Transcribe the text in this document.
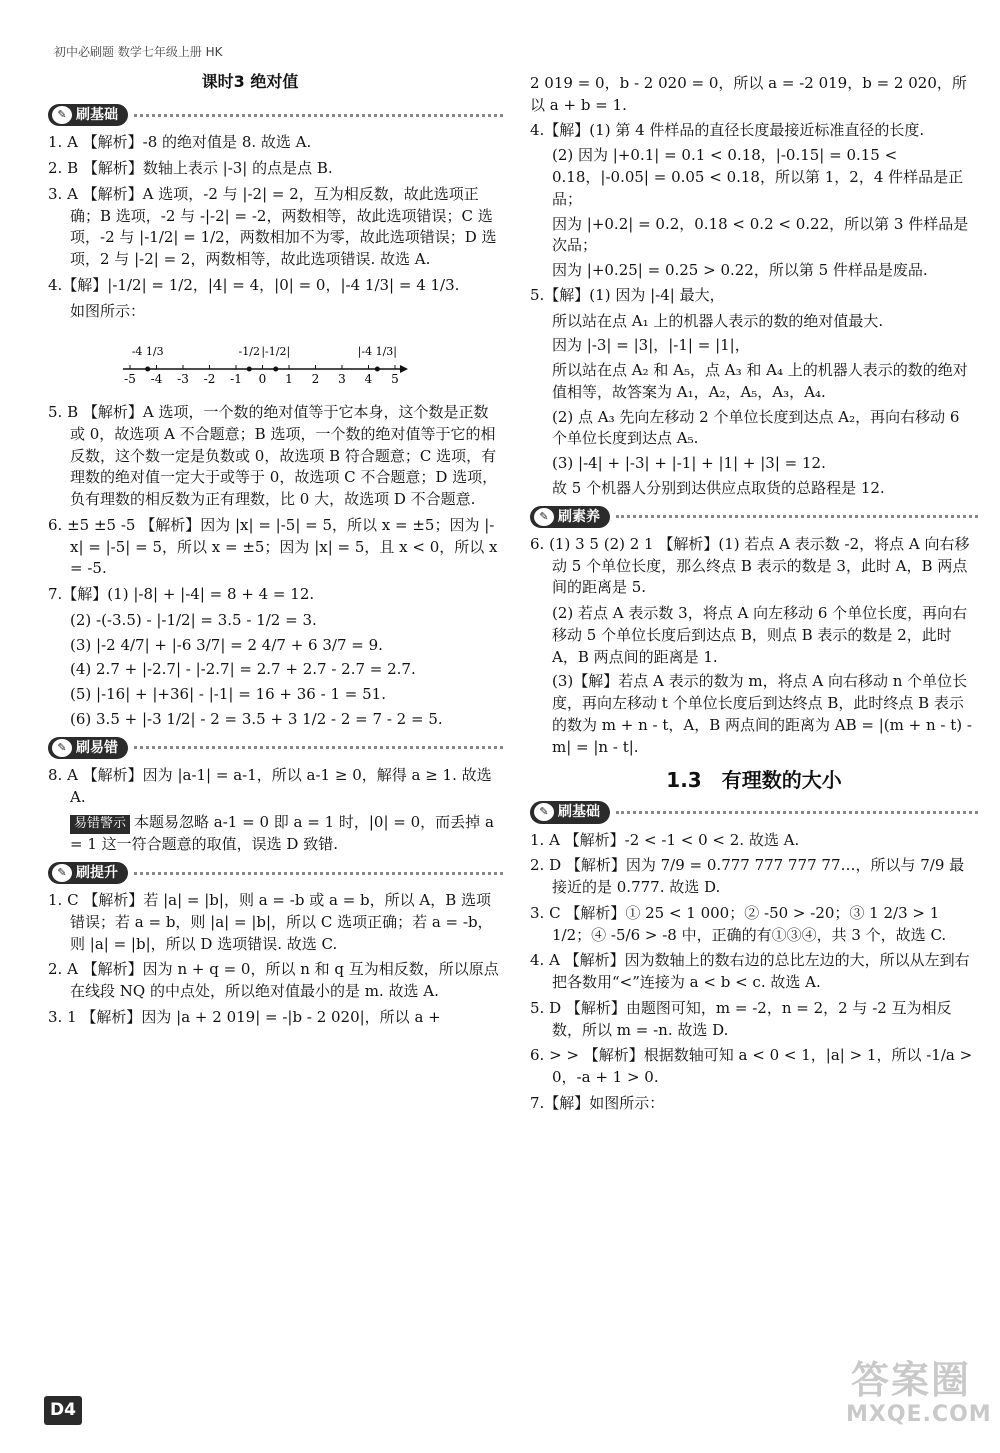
初中必刷题 数学七年级上册 HK
课时3 绝对值
✎ 刷基础
1. A 【解析】-8 的绝对值是 8. 故选 A.
2. B 【解析】数轴上表示 |-3| 的点是点 B.
3. A 【解析】A 选项，-2 与 |-2| = 2，互为相反数，故此选项正确；B 选项，-2 与 -|-2| = -2，两数相等，故此选项错误；C 选项，-2 与 |-1/2| = 1/2，两数相加不为零，故此选项错误；D 选项，2 与 |-2| = 2，两数相等，故此选项错误. 故选 A.
4.【解】|-1/2| = 1/2，|4| = 4，|0| = 0，|-4 1/3| = 4 1/3.
如图所示：
-4 1/3	-1/2 |-1/2|	|-4 1/3|
-5 -4 -3 -2 -1 0 1 2 3 4 5
5. B 【解析】A 选项，一个数的绝对值等于它本身，这个数是正数或 0，故选项 A 不合题意；B 选项，一个数的绝对值等于它的相反数，这个数一定是负数或 0，故选项 B 符合题意；C 选项，有理数的绝对值一定大于或等于 0，故选项 C 不合题意；D 选项，负有理数的相反数为正有理数，比 0 大，故选项 D 不合题意.
6. ±5 ±5 -5 【解析】因为 |x| = |-5| = 5，所以 x = ±5；因为 |-x| = |-5| = 5，所以 x = ±5；因为 |x| = 5，且 x < 0，所以 x = -5.
7.【解】(1) |-8| + |-4| = 8 + 4 = 12.
(2) -(-3.5) - |-1/2| = 3.5 - 1/2 = 3.
(3) |-2 4/7| + |-6 3/7| = 2 4/7 + 6 3/7 = 9.
(4) 2.7 + |-2.7| - |-2.7| = 2.7 + 2.7 - 2.7 = 2.7.
(5) |-16| + |+36| - |-1| = 16 + 36 - 1 = 51.
(6) 3.5 + |-3 1/2| - 2 = 3.5 + 3 1/2 - 2 = 7 - 2 = 5.
✎ 刷易错
8. A 【解析】因为 |a-1| = a-1，所以 a-1 ≥ 0，解得 a ≥ 1. 故选 A.
易错警示 本题易忽略 a-1 = 0 即 a = 1 时，|0| = 0，而丢掉 a = 1 这一符合题意的取值，误选 D 致错.
✎ 刷提升
1. C 【解析】若 |a| = |b|，则 a = -b 或 a = b，所以 A，B 选项错误；若 a = b，则 |a| = |b|，所以 C 选项正确；若 a = -b，则 |a| = |b|，所以 D 选项错误. 故选 C.
2. A 【解析】因为 n + q = 0，所以 n 和 q 互为相反数，所以原点在线段 NQ 的中点处，所以绝对值最小的是 m. 故选 A.
3. 1 【解析】因为 |a + 2 019| = -|b - 2 020|，所以 a +
2 019 = 0，b - 2 020 = 0，所以 a = -2 019，b = 2 020，所以 a + b = 1.
4.【解】(1) 第 4 件样品的直径长度最接近标准直径的长度.
(2) 因为 |+0.1| = 0.1 < 0.18，|-0.15| = 0.15 < 0.18，|-0.05| = 0.05 < 0.18，所以第 1，2，4 件样品是正品；
因为 |+0.2| = 0.2，0.18 < 0.2 < 0.22，所以第 3 件样品是次品；
因为 |+0.25| = 0.25 > 0.22，所以第 5 件样品是废品.
5.【解】(1) 因为 |-4| 最大，
所以站在点 A₁ 上的机器人表示的数的绝对值最大.
因为 |-3| = |3|，|-1| = |1|，
所以站在点 A₂ 和 A₅，点 A₃ 和 A₄ 上的机器人表示的数的绝对值相等，故答案为 A₁，A₂，A₅，A₃，A₄.
(2) 点 A₃ 先向左移动 2 个单位长度到达点 A₂，再向右移动 6 个单位长度到达点 A₅.
(3) |-4| + |-3| + |-1| + |1| + |3| = 12.
故 5 个机器人分别到达供应点取货的总路程是 12.
✎ 刷素养
6. (1) 3 5 (2) 2 1 【解析】(1) 若点 A 表示数 -2，将点 A 向右移动 5 个单位长度，那么终点 B 表示的数是 3，此时 A，B 两点间的距离是 5.
(2) 若点 A 表示数 3，将点 A 向左移动 6 个单位长度，再向右移动 5 个单位长度后到达点 B，则点 B 表示的数是 2，此时 A，B 两点间的距离是 1.
(3)【解】若点 A 表示的数为 m，将点 A 向右移动 n 个单位长度，再向左移动 t 个单位长度后到达终点 B，此时终点 B 表示的数为 m + n - t，A，B 两点间的距离为 AB = |(m + n - t) - m| = |n - t|.
1.3 有理数的大小
✎ 刷基础
1. A 【解析】-2 < -1 < 0 < 2. 故选 A.
2. D 【解析】因为 7/9 = 0.777 777 777 77…，所以与 7/9 最接近的是 0.777. 故选 D.
3. C 【解析】① 25 < 1 000；② -50 > -20；③ 1 2/3 > 1 1/2；④ -5/6 > -8 中，正确的有①③④，共 3 个，故选 C.
4. A 【解析】因为数轴上的数右边的总比左边的大，所以从左到右把各数用“<”连接为 a < b < c. 故选 A.
5. D 【解析】由题图可知，m = -2，n = 2，2 与 -2 互为相反数，所以 m = -n. 故选 D.
6. > > 【解析】根据数轴可知 a < 0 < 1，|a| > 1，所以 -1/a > 0，-a + 1 > 0.
7.【解】如图所示：
D4
答案圈
MXQE.COM
